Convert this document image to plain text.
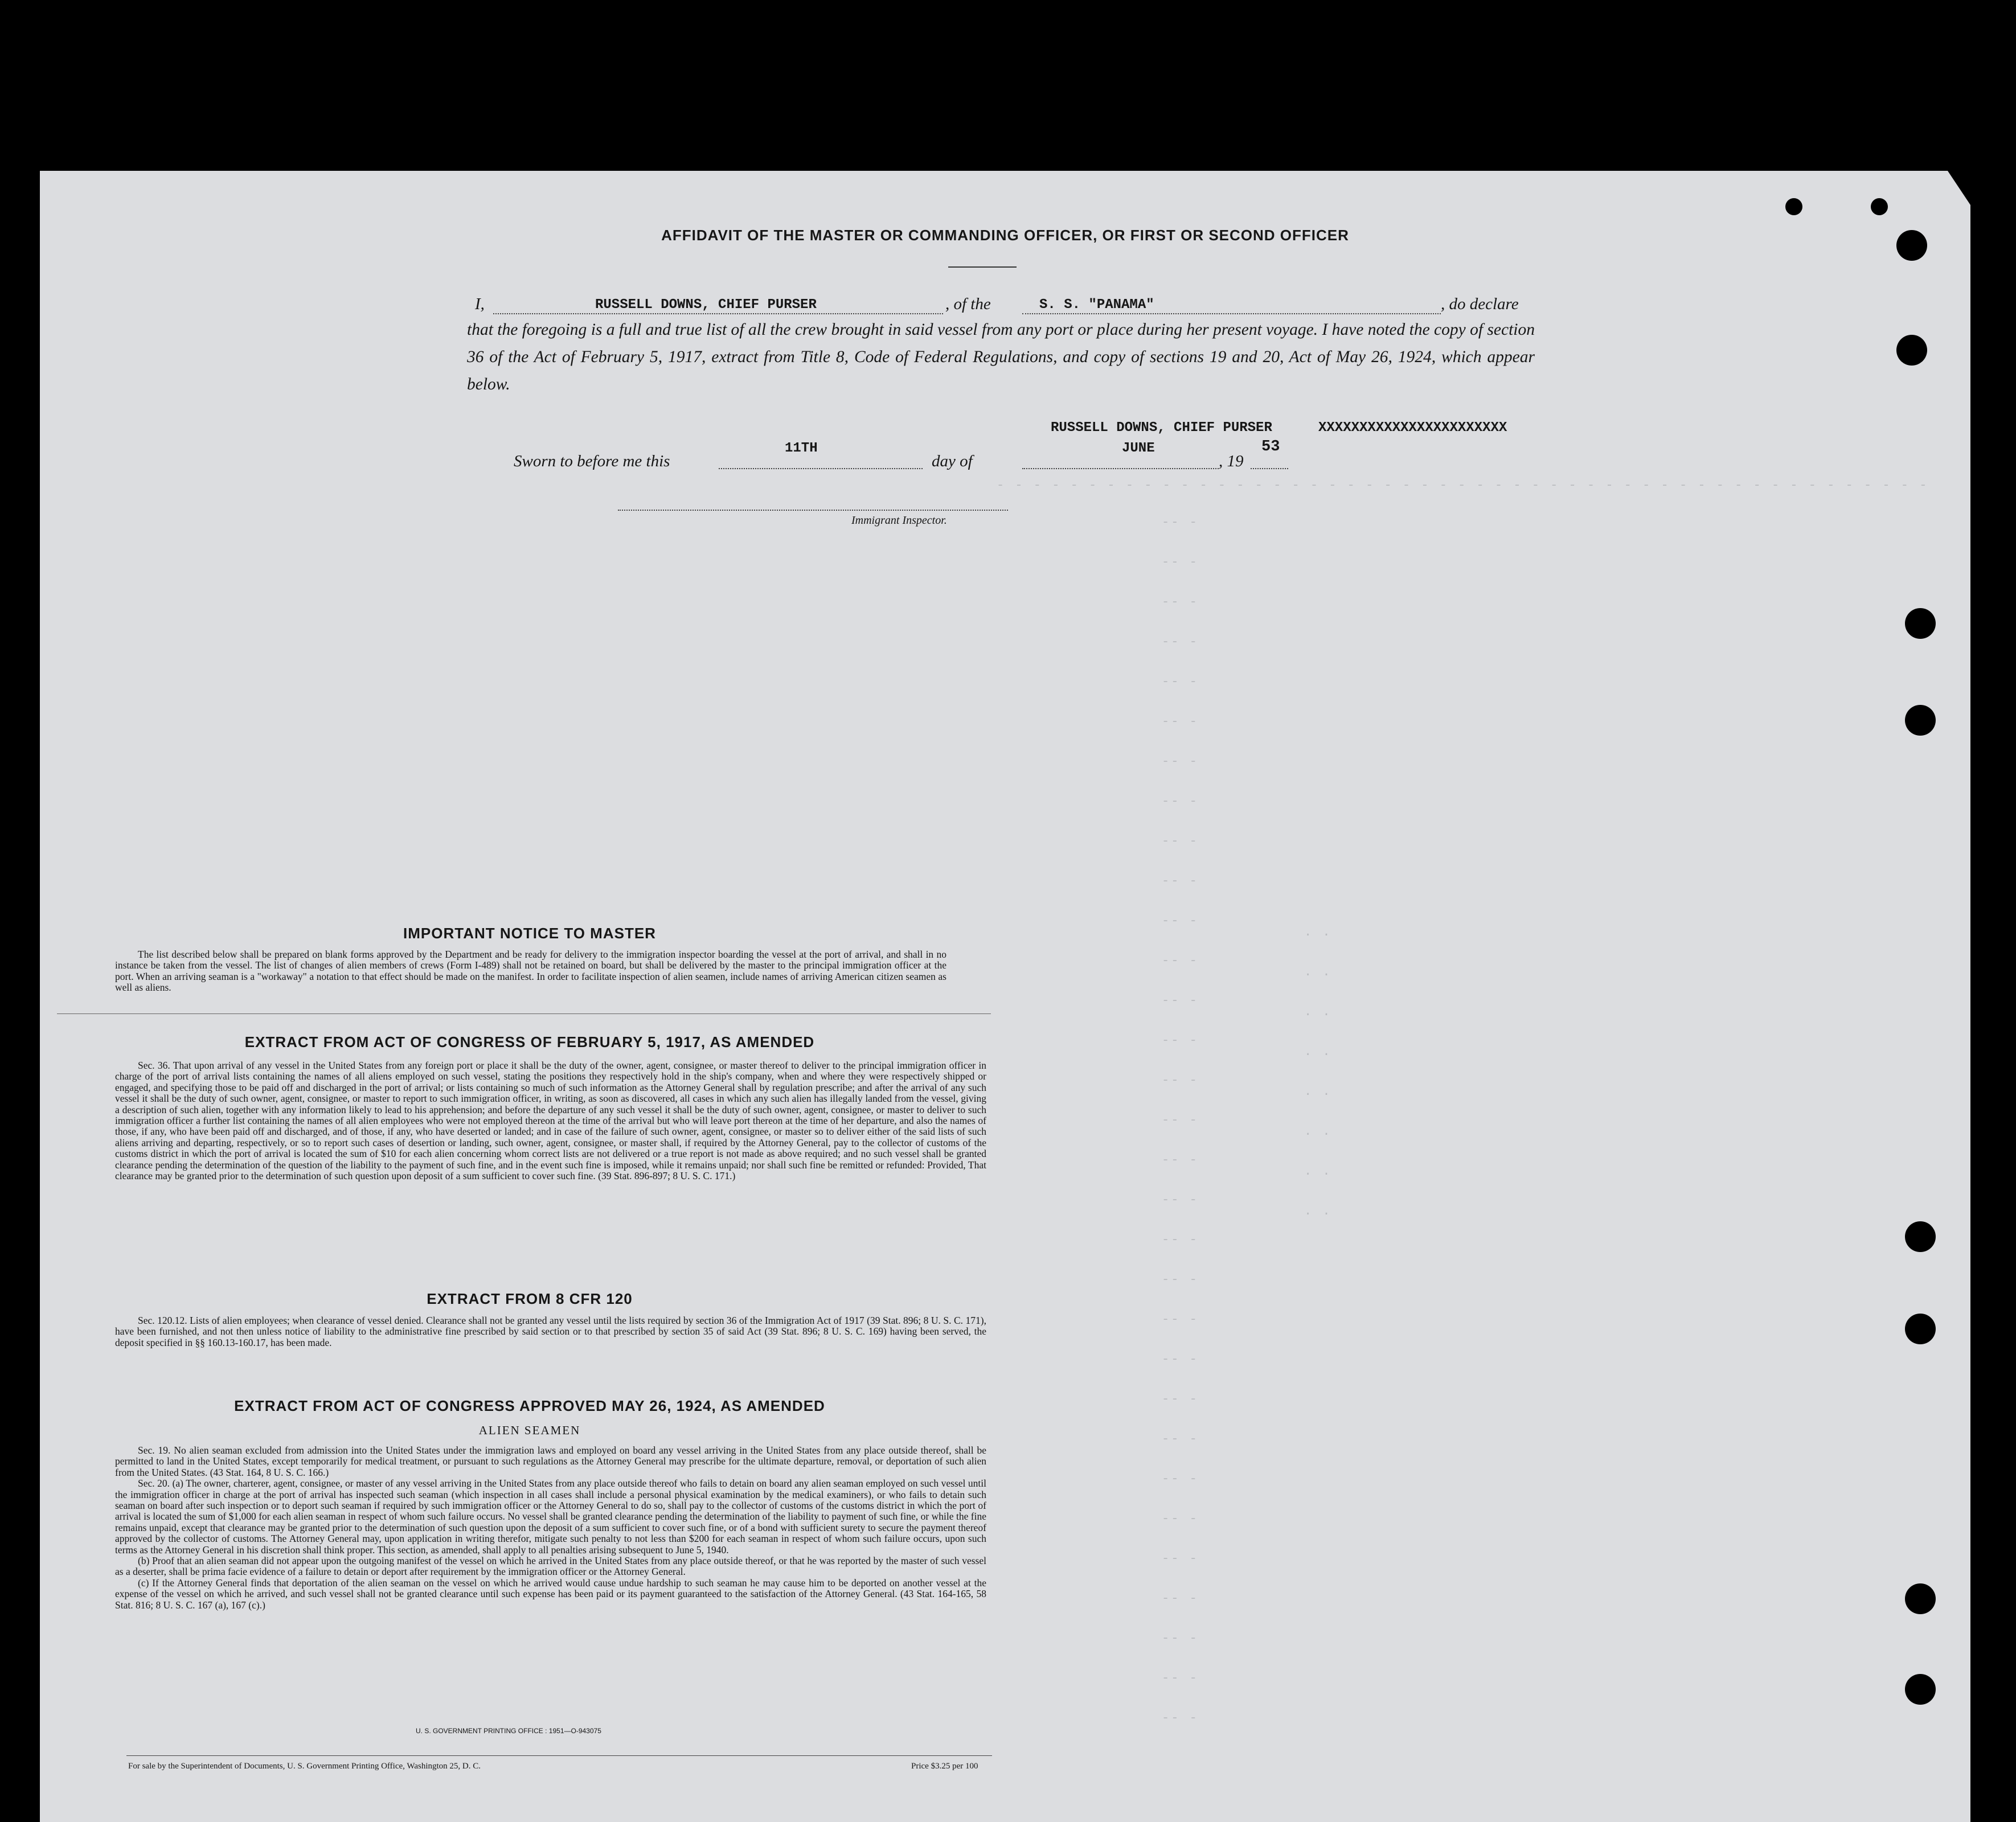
- - - - - - - - - - - - - - - - - - - - - - - - - - - - - - - - - - - - - - - - - - - - - - - - - - -
-- -
-- -
-- -
-- -
-- -
-- -
-- -
-- -
-- -
-- -
-- -
-- -
-- -
-- -
-- -
-- -
-- -
-- -
-- -
-- -
-- -
-- -
-- -
-- -
-- -
-- -
-- -
-- -
-- -
-- -
-- -
. .
. .
. .
. .
. .
. .
. .
. .
AFFIDAVIT OF THE MASTER OR COMMANDING OFFICER, OR FIRST OR SECOND OFFICER
I,	RUSSELL DOWNS, CHIEF PURSER	, of the	S. S. "PANAMA"	, do declare
that the foregoing is a full and true list of all the crew brought in said vessel from any port or place during her present voyage. I have noted the copy of section 36 of the Act of February 5, 1917, extract from Title 8, Code of Federal Regulations, and copy of sections 19 and 20, Act of May 26, 1924, which appear below.
RUSSELL DOWNS, CHIEF PURSER	XXXXXXXXXXXXXXXXXXXXXXX
Sworn to before me this
11TH
day of
JUNE
, 19
53
Immigrant Inspector.
IMPORTANT NOTICE TO MASTER
The list described below shall be prepared on blank forms approved by the Department and be ready for delivery to the immigration inspector boarding the vessel at the port of arrival, and shall in no instance be taken from the vessel. The list of changes of alien members of crews (Form I-489) shall not be retained on board, but shall be delivered by the master to the principal immigration officer at the port. When an arriving seaman is a "workaway" a notation to that effect should be made on the manifest. In order to facilitate inspection of alien seamen, include names of arriving American citizen seamen as well as aliens.
EXTRACT FROM ACT OF CONGRESS OF FEBRUARY 5, 1917, AS AMENDED
Sec. 36. That upon arrival of any vessel in the United States from any foreign port or place it shall be the duty of the owner, agent, consignee, or master thereof to deliver to the principal immigration officer in charge of the port of arrival lists containing the names of all aliens employed on such vessel, stating the positions they respectively hold in the ship's company, when and where they were respectively shipped or engaged, and specifying those to be paid off and discharged in the port of arrival; or lists containing so much of such information as the Attorney General shall by regulation prescribe; and after the arrival of any such vessel it shall be the duty of such owner, agent, consignee, or master to report to such immigration officer, in writing, as soon as discovered, all cases in which any such alien has illegally landed from the vessel, giving a description of such alien, together with any information likely to lead to his apprehension; and before the departure of any such vessel it shall be the duty of such owner, agent, consignee, or master to deliver to such immigration officer a further list containing the names of all alien employees who were not employed thereon at the time of the arrival but who will leave port thereon at the time of her departure, and also the names of those, if any, who have been paid off and discharged, and of those, if any, who have deserted or landed; and in case of the failure of such owner, agent, consignee, or master so to deliver either of the said lists of such aliens arriving and departing, respectively, or so to report such cases of desertion or landing, such owner, agent, consignee, or master shall, if required by the Attorney General, pay to the collector of customs of the customs district in which the port of arrival is located the sum of $10 for each alien concerning whom correct lists are not delivered or a true report is not made as above required; and no such vessel shall be granted clearance pending the determination of the question of the liability to the payment of such fine, and in the event such fine is imposed, while it remains unpaid; nor shall such fine be remitted or refunded: Provided, That clearance may be granted prior to the determination of such question upon deposit of a sum sufficient to cover such fine. (39 Stat. 896-897; 8 U. S. C. 171.)
EXTRACT FROM 8 CFR 120
Sec. 120.12. Lists of alien employees; when clearance of vessel denied. Clearance shall not be granted any vessel until the lists required by section 36 of the Immigration Act of 1917 (39 Stat. 896; 8 U. S. C. 171), have been furnished, and not then unless notice of liability to the administrative fine prescribed by said section or to that prescribed by section 35 of said Act (39 Stat. 896; 8 U. S. C. 169) having been served, the deposit specified in §§ 160.13-160.17, has been made.
EXTRACT FROM ACT OF CONGRESS APPROVED MAY 26, 1924, AS AMENDED
ALIEN SEAMEN

Sec. 19. No alien seaman excluded from admission into the United States under the immigration laws and employed on board any vessel arriving in the United States from any place outside thereof, shall be permitted to land in the United States, except temporarily for medical treatment, or pursuant to such regulations as the Attorney General may prescribe for the ultimate departure, removal, or deportation of such alien from the United States. (43 Stat. 164, 8 U. S. C. 166.)

Sec. 20. (a) The owner, charterer, agent, consignee, or master of any vessel arriving in the United States from any place outside thereof who fails to detain on board any alien seaman employed on such vessel until the immigration officer in charge at the port of arrival has inspected such seaman (which inspection in all cases shall include a personal physical examination by the medical examiners), or who fails to detain such seaman on board after such inspection or to deport such seaman if required by such immigration officer or the Attorney General to do so, shall pay to the collector of customs of the customs district in which the port of arrival is located the sum of $1,000 for each alien seaman in respect of whom such failure occurs. No vessel shall be granted clearance pending the determination of the liability to payment of such fine, or while the fine remains unpaid, except that clearance may be granted prior to the determination of such question upon the deposit of a sum sufficient to cover such fine, or of a bond with sufficient surety to secure the payment thereof approved by the collector of customs. The Attorney General may, upon application in writing therefor, mitigate such penalty to not less than $200 for each seaman in respect of whom such failure occurs, upon such terms as the Attorney General in his discretion shall think proper. This section, as amended, shall apply to all penalties arising subsequent to June 5, 1940.

(b) Proof that an alien seaman did not appear upon the outgoing manifest of the vessel on which he arrived in the United States from any place outside thereof, or that he was reported by the master of such vessel as a deserter, shall be prima facie evidence of a failure to detain or deport after requirement by the immigration officer or the Attorney General.

(c) If the Attorney General finds that deportation of the alien seaman on the vessel on which he arrived would cause undue hardship to such seaman he may cause him to be deported on another vessel at the expense of the vessel on which he arrived, and such vessel shall not be granted clearance until such expense has been paid or its payment guaranteed to the satisfaction of the Attorney General. (43 Stat. 164-165, 58 Stat. 816; 8 U. S. C. 167 (a), 167 (c).)

U. S. GOVERNMENT PRINTING OFFICE : 1951—O-943075
For sale by the Superintendent of Documents, U. S. Government Printing Office, Washington 25, D. C.	Price $3.25 per 100
